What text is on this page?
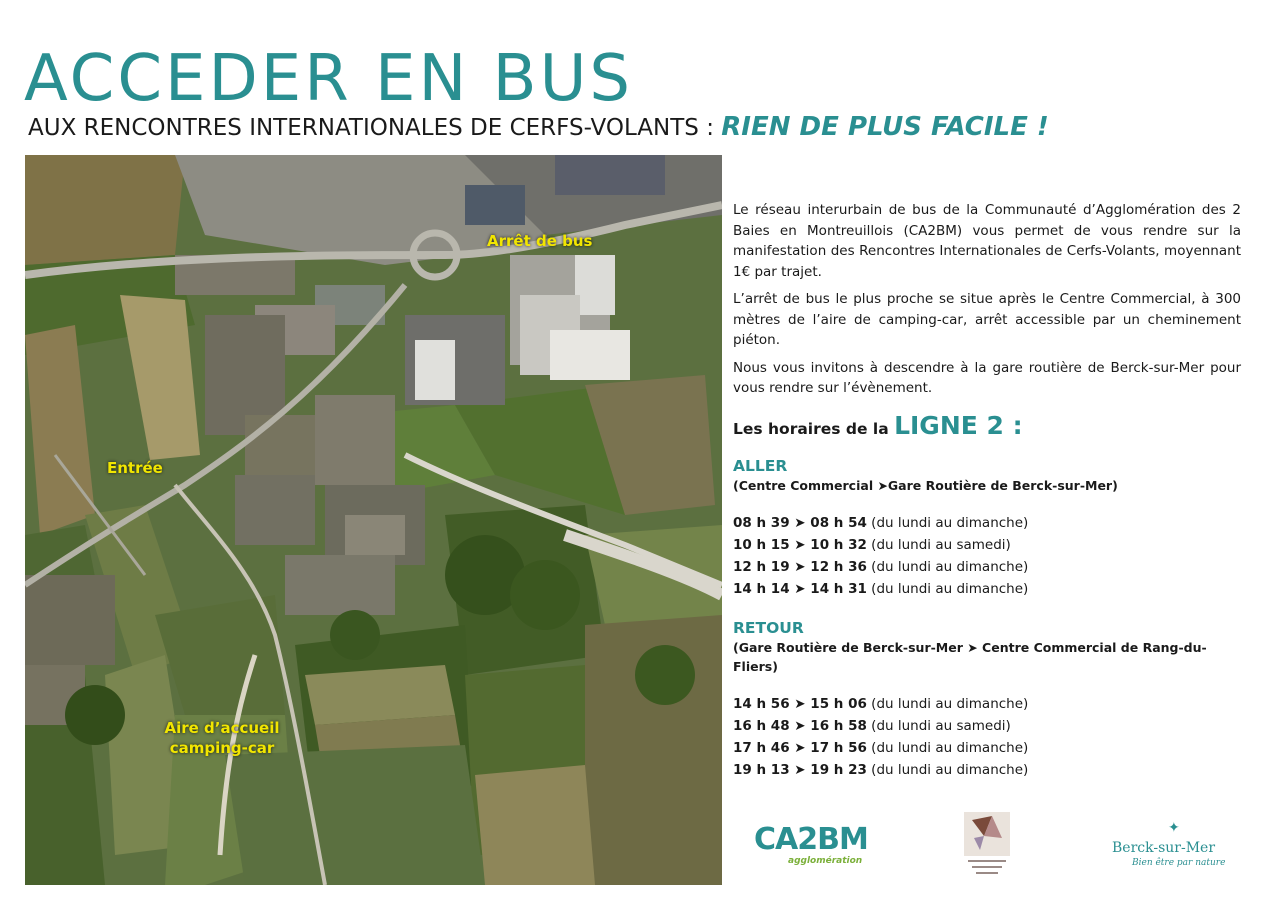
ACCEDER EN BUS
AUX RENCONTRES INTERNATIONALES DE CERFS-VOLANTS : RIEN DE PLUS FACILE !
Arrêt de bus
Entrée
Aire d’accueil
camping-car

Le réseau interurbain de bus de la Communauté d’Agglomération des 2 Baies en Montreuillois (CA2BM) vous permet de vous rendre sur la manifestation des Rencontres Internationales de Cerfs-Volants, moyennant 1€ par trajet.

L’arrêt de bus le plus proche se situe après le Centre Commercial, à 300 mètres de l’aire de camping-car, arrêt accessible par un cheminement piéton.

Nous vous invitons à descendre à la gare routière de Berck-sur-Mer pour vous rendre sur l’évènement.

Les horaires de la LIGNE 2 :
ALLER
(Centre Commercial ➤Gare Routière de Berck-sur-Mer)
08 h 39 ➤ 08 h 54 (du lundi au dimanche)
10 h 15 ➤ 10 h 32 (du lundi au samedi)
12 h 19 ➤ 12 h 36 (du lundi au dimanche)
14 h 14 ➤ 14 h 31 (du lundi au dimanche)
RETOUR
(Gare Routière de Berck-sur-Mer ➤ Centre Commercial de Rang-du-Fliers)
14 h 56 ➤ 15 h 06 (du lundi au dimanche)
16 h 48 ➤ 16 h 58 (du lundi au samedi)
17 h 46 ➤ 17 h 56 (du lundi au dimanche)
19 h 13 ➤ 19 h 23 (du lundi au dimanche)
CA2BM
agglomération
✦
Berck-sur-Mer
Bien être par nature
